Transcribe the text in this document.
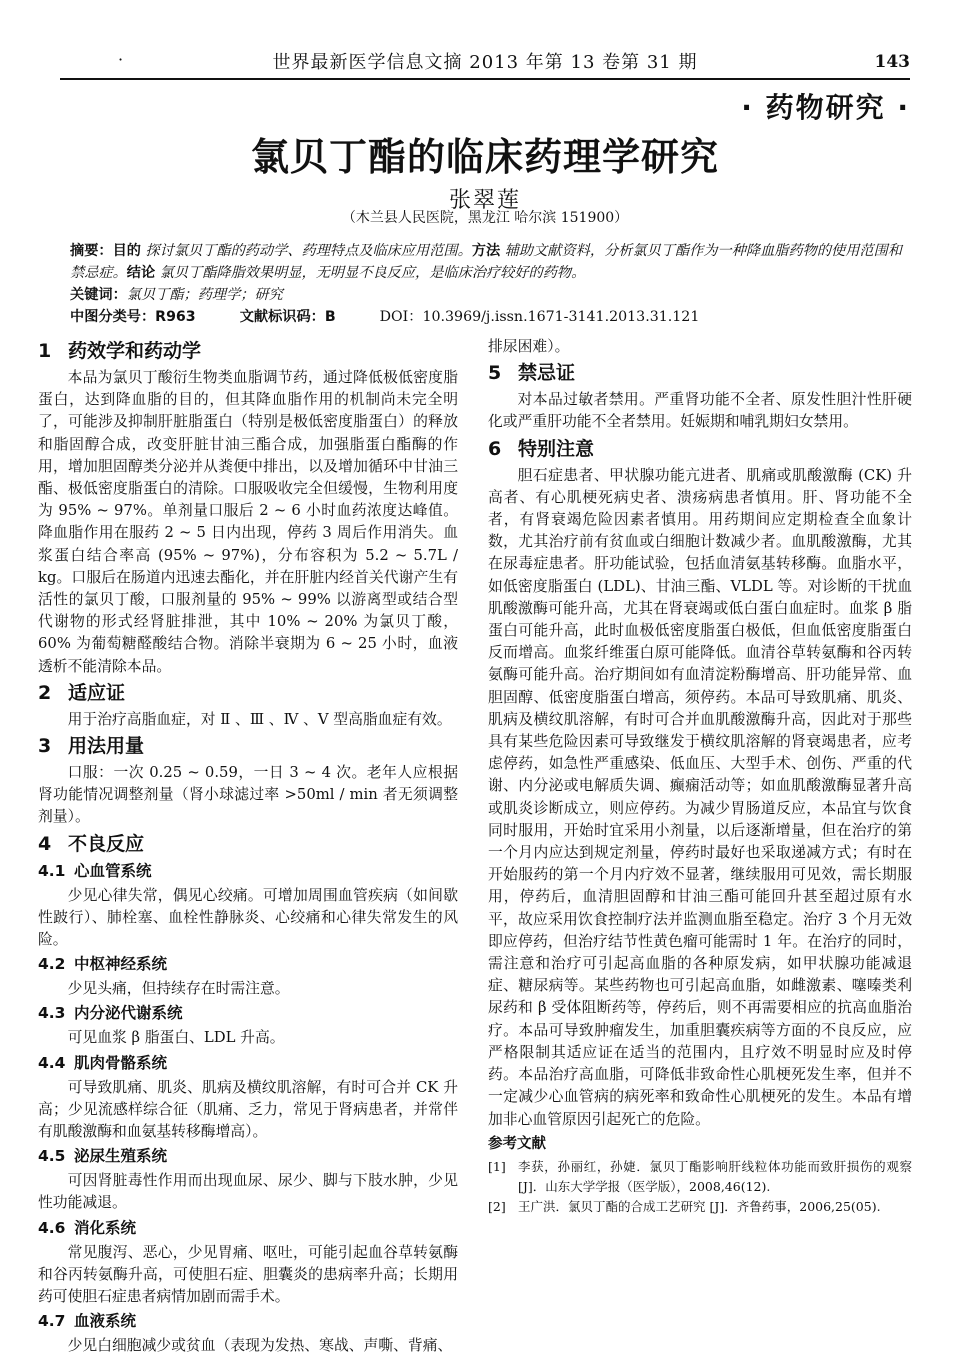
·	世界最新医学信息文摘 2013 年第 13 卷第 31 期	143
· 药物研究 ·
氯贝丁酯的临床药理学研究
张翠莲
（木兰县人民医院，黑龙江 哈尔滨 151900）

摘要：目的 探讨氯贝丁酯的药动学、药理特点及临床应用范围。方法 辅助文献资料，分析氯贝丁酯作为一种降血脂药物的使用范围和禁忌症。结论 氯贝丁酯降脂效果明显，无明显不良反应，是临床治疗较好的药物。

关键词：氯贝丁酯；药理学；研究

中图分类号： R963	文献标识码： B	DOI： 10.3969/j.issn.1671-3141.2013.31.121

1 药效学和药动学

本品为氯贝丁酸衍生物类血脂调节药，通过降低极低密度脂蛋白，达到降血脂的目的，但其降血脂作用的机制尚未完全明了，可能涉及抑制肝脏脂蛋白（特别是极低密度脂蛋白）的释放和脂固醇合成，改变肝脏甘油三酯合成，加强脂蛋白酯酶的作用，增加胆固醇类分泌并从粪便中排出，以及增加循环中甘油三酯、极低密度脂蛋白的清除。口服吸收完全但缓慢，生物利用度为 95% ~ 97%。单剂量口服后 2 ~ 6 小时血药浓度达峰值。降血脂作用在服药 2 ~ 5 日内出现，停药 3 周后作用消失。血浆蛋白结合率高 (95% ~ 97%)，分布容积为 5.2 ~ 5.7L / kg。口服后在肠道内迅速去酯化，并在肝脏内经首关代谢产生有活性的氯贝丁酸，口服剂量的 95% ~ 99% 以游离型或结合型代谢物的形式经肾脏排泄，其中 10% ~ 20% 为氯贝丁酸，60% 为葡萄糖醛酸结合物。消除半衰期为 6 ~ 25 小时，血液透析不能清除本品。

2 适应证

用于治疗高脂血症，对 Ⅱ 、Ⅲ 、Ⅳ 、Ⅴ 型高脂血症有效。

3 用法用量

口服：一次 0.25 ~ 0.59，一日 3 ~ 4 次。老年人应根据肾功能情况调整剂量（肾小球滤过率 >50ml / min 者无须调整剂量）。

4 不良反应
4.1 心血管系统

少见心律失常，偶见心绞痛。可增加周围血管疾病（如间歇性跛行）、肺栓塞、血栓性静脉炎、心绞痛和心律失常发生的风险。

4.2 中枢神经系统

少见头痛，但持续存在时需注意。

4.3 内分泌代谢系统

可见血浆 β 脂蛋白、LDL 升高。

4.4 肌肉骨骼系统

可导致肌痛、肌炎、肌病及横纹肌溶解，有时可合并 CK 升高；少见流感样综合征（肌痛、乏力，常见于肾病患者，并常伴有肌酸激酶和血氨基转移酶增高）。

4.5 泌尿生殖系统

可因肾脏毒性作用而出现血尿、尿少、脚与下肢水肿，少见性功能减退。

4.6 消化系统

常见腹泻、恶心，少见胃痛、呕吐，可能引起血谷草转氨酶和谷丙转氨酶升高，可使胆石症、胆囊炎的患病率升高；长期用药可使胆石症患者病情加剧而需手术。

4.7 血液系统

少见白细胞减少或贫血（表现为发热、寒战、声嘶、背痛、

排尿困难）。

5 禁忌证

对本品过敏者禁用。严重肾功能不全者、原发性胆汁性肝硬化或严重肝功能不全者禁用。妊娠期和哺乳期妇女禁用。

6 特别注意

胆石症患者、甲状腺功能亢进者、肌痛或肌酸激酶 (CK) 升高者、有心肌梗死病史者、溃疡病患者慎用。肝、肾功能不全者，有肾衰竭危险因素者慎用。用药期间应定期检查全血象计数，尤其治疗前有贫血或白细胞计数减少者。血肌酸激酶，尤其在尿毒症患者。肝功能试验，包括血清氨基转移酶。血脂水平，如低密度脂蛋白 (LDL)、甘油三酯、VLDL 等。对诊断的干扰血肌酸激酶可能升高，尤其在肾衰竭或低白蛋白血症时。血浆 β 脂蛋白可能升高，此时血极低密度脂蛋白极低，但血低密度脂蛋白反而增高。血浆纤维蛋白原可能降低。血清谷草转氨酶和谷丙转氨酶可能升高。治疗期间如有血清淀粉酶增高、肝功能异常、血胆固醇、低密度脂蛋白增高，须停药。本品可导致肌痛、肌炎、肌病及横纹肌溶解，有时可合并血肌酸激酶升高，因此对于那些具有某些危险因素可导致继发于横纹肌溶解的肾衰竭患者，应考虑停药，如急性严重感染、低血压、大型手术、创伤、严重的代谢、内分泌或电解质失调、癫痫活动等；如血肌酸激酶显著升高或肌炎诊断成立，则应停药。为减少胃肠道反应，本品宜与饮食同时服用，开始时宜采用小剂量，以后逐渐增量，但在治疗的第一个月内应达到规定剂量，停药时最好也采取递减方式；有时在开始服药的第一个月内疗效不显著，继续服用可见效，需长期服用，停药后，血清胆固醇和甘油三酯可能回升甚至超过原有水平，故应采用饮食控制疗法并监测血脂至稳定。治疗 3 个月无效即应停药，但治疗结节性黄色瘤可能需时 1 年。在治疗的同时，需注意和治疗可引起高血脂的各种原发病，如甲状腺功能减退症、糖尿病等。某些药物也可引起高血脂，如雌激素、噻嗪类利尿药和 β 受体阻断药等，停药后，则不再需要相应的抗高血脂治疗。本品可导致肿瘤发生，加重胆囊疾病等方面的不良反应，应严格限制其适应证在适当的范围内，且疗效不明显时应及时停药。本品治疗高血脂，可降低非致命性心肌梗死发生率，但并不一定减少心血管病的病死率和致命性心肌梗死的发生。本品有增加非心血管原因引起死亡的危险。

参考文献
[1] 李获，孙丽红，孙婕．氯贝丁酯影响肝线粒体功能而致肝损伤的观察 [J]．山东大学学报（医学版），2008,46(12).
[2] 王广洪．氯贝丁酯的合成工艺研究 [J]．齐鲁药事，2006,25(05).
